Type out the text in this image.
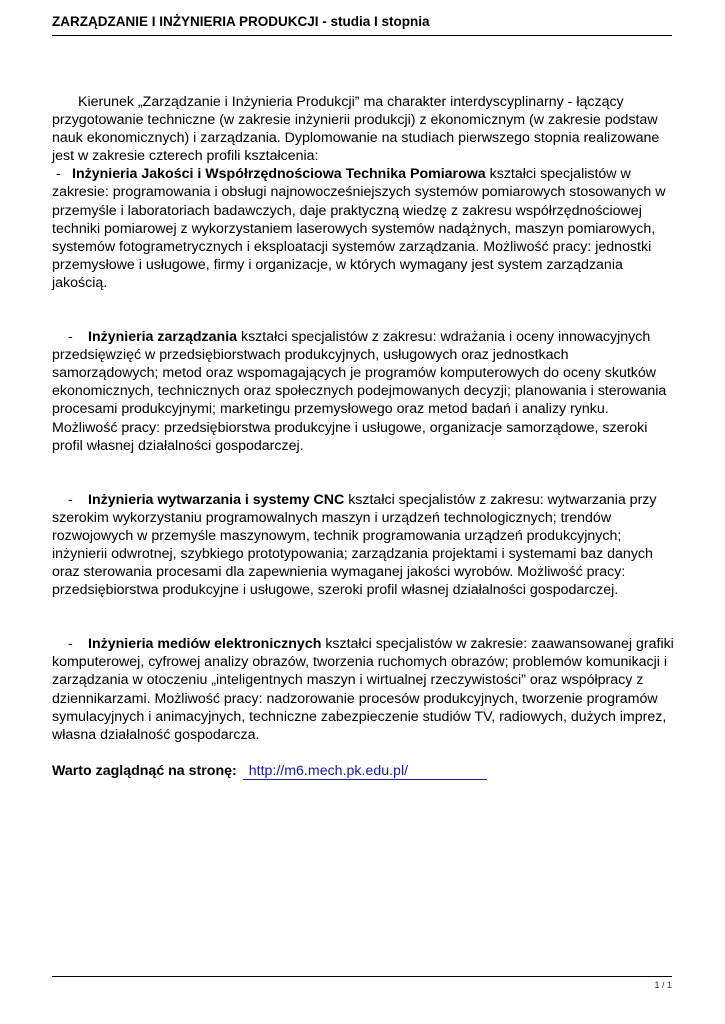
ZARZĄDZANIE I INŻYNIERIA PRODUKCJI - studia I stopnia

Kierunek „Zarządzanie i Inżynieria Produkcji” ma charakter interdyscyplinarny - łączący przygotowanie techniczne (w zakresie inżynierii produkcji) z ekonomicznym (w zakresie podstaw nauk ekonomicznych) i zarządzania. Dyplomowanie na studiach pierwszego stopnia realizowane jest w zakresie czterech profili kształcenia:

- Inżynieria Jakości i Współrzędnościowa Technika Pomiarowa kształci specjalistów w zakresie: programowania i obsługi najnowocześniejszych systemów pomiarowych stosowanych w przemyśle i laboratoriach badawczych, daje praktyczną wiedzę z zakresu współrzędnościowej techniki pomiarowej z wykorzystaniem laserowych systemów nadążnych, maszyn pomiarowych, systemów fotogrametrycznych i eksploatacji systemów zarządzania. Możliwość pracy: jednostki przemysłowe i usługowe, firmy i organizacje, w których wymagany jest system zarządzania jakością.

- Inżynieria zarządzania kształci specjalistów z zakresu: wdrażania i oceny innowacyjnych przedsięwzięć w przedsiębiorstwach produkcyjnych, usługowych oraz jednostkach samorządowych; metod oraz wspomagających je programów komputerowych do oceny skutków ekonomicznych, technicznych oraz społecznych podejmowanych decyzji; planowania i sterowania procesami produkcyjnymi; marketingu przemysłowego oraz metod badań i analizy rynku. Możliwość pracy: przedsiębiorstwa produkcyjne i usługowe, organizacje samorządowe, szeroki profil własnej działalności gospodarczej.

- Inżynieria wytwarzania i systemy CNC kształci specjalistów z zakresu: wytwarzania przy szerokim wykorzystaniu programowalnych maszyn i urządzeń technologicznych; trendów rozwojowych w przemyśle maszynowym, technik programowania urządzeń produkcyjnych; inżynierii odwrotnej, szybkiego prototypowania; zarządzania projektami i systemami baz danych oraz sterowania procesami dla zapewnienia wymaganej jakości wyrobów. Możliwość pracy: przedsiębiorstwa produkcyjne i usługowe, szeroki profil własnej działalności gospodarczej.

- Inżynieria mediów elektronicznych kształci specjalistów w zakresie: zaawansowanej grafiki komputerowej, cyfrowej analizy obrazów, tworzenia ruchomych obrazów; problemów komunikacji i zarządzania w otoczeniu „inteligentnych maszyn i wirtualnej rzeczywistości” oraz współpracy z dziennikarzami. Możliwość pracy: nadzorowanie procesów produkcyjnych, tworzenie programów symulacyjnych i animacyjnych, techniczne zabezpieczenie studiów TV, radiowych, dużych imprez, własna działalność gospodarcza.

Warto zaglądnąć na stronę: http://m6.mech.pk.edu.pl/
1 / 1
